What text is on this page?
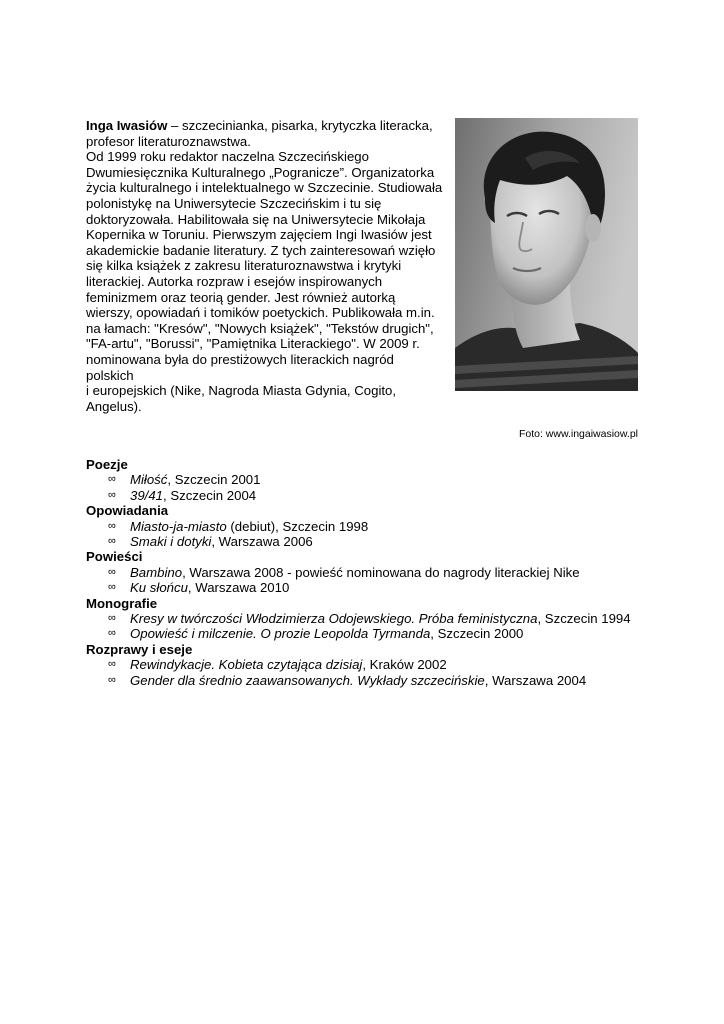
Inga Iwasiów – szczecinianka, pisarka, krytyczka literacka, profesor literaturoznawstwa.

Od 1999 roku redaktor naczelna Szczecińskiego Dwumiesięcznika Kulturalnego „Pogranicze”. Organizatorka życia kulturalnego i intelektualnego w Szczecinie. Studiowała polonistykę na Uniwersytecie Szczecińskim i tu się doktoryzowała. Habilitowała się na Uniwersytecie Mikołaja Kopernika w Toruniu. Pierwszym zajęciem Ingi Iwasiów jest akademickie badanie literatury. Z tych zainteresowań wzięło się kilka książek z zakresu literaturoznawstwa i krytyki literackiej. Autorka rozpraw i esejów inspirowanych feminizmem oraz teorią gender. Jest również autorką wierszy, opowiadań i tomików poetyckich. Publikowała m.in. na łamach: "Kresów", "Nowych książek", "Tekstów drugich", "FA-artu", "Borussi", "Pamiętnika Literackiego". W 2009 r. nominowana była do prestiżowych literackich nagród polskich

i europejskich (Nike, Nagroda Miasta Gdynia, Cogito, Angelus).

Foto: www.ingaiwasiow.pl

Poezje

∞ Miłość, Szczecin 2001
∞ 39/41, Szczecin 2004

Opowiadania

∞ Miasto-ja-miasto (debiut), Szczecin 1998
∞ Smaki i dotyki, Warszawa 2006

Powieści

∞ Bambino, Warszawa 2008 - powieść nominowana do nagrody literackiej Nike
∞ Ku słońcu, Warszawa 2010

Monografie

∞ Kresy w twórczości Włodzimierza Odojewskiego. Próba feministyczna, Szczecin 1994
∞ Opowieść i milczenie. O prozie Leopolda Tyrmanda, Szczecin 2000

Rozprawy i eseje

∞ Rewindykacje. Kobieta czytająca dzisiaj, Kraków 2002
∞ Gender dla średnio zaawansowanych. Wykłady szczecińskie, Warszawa 2004
